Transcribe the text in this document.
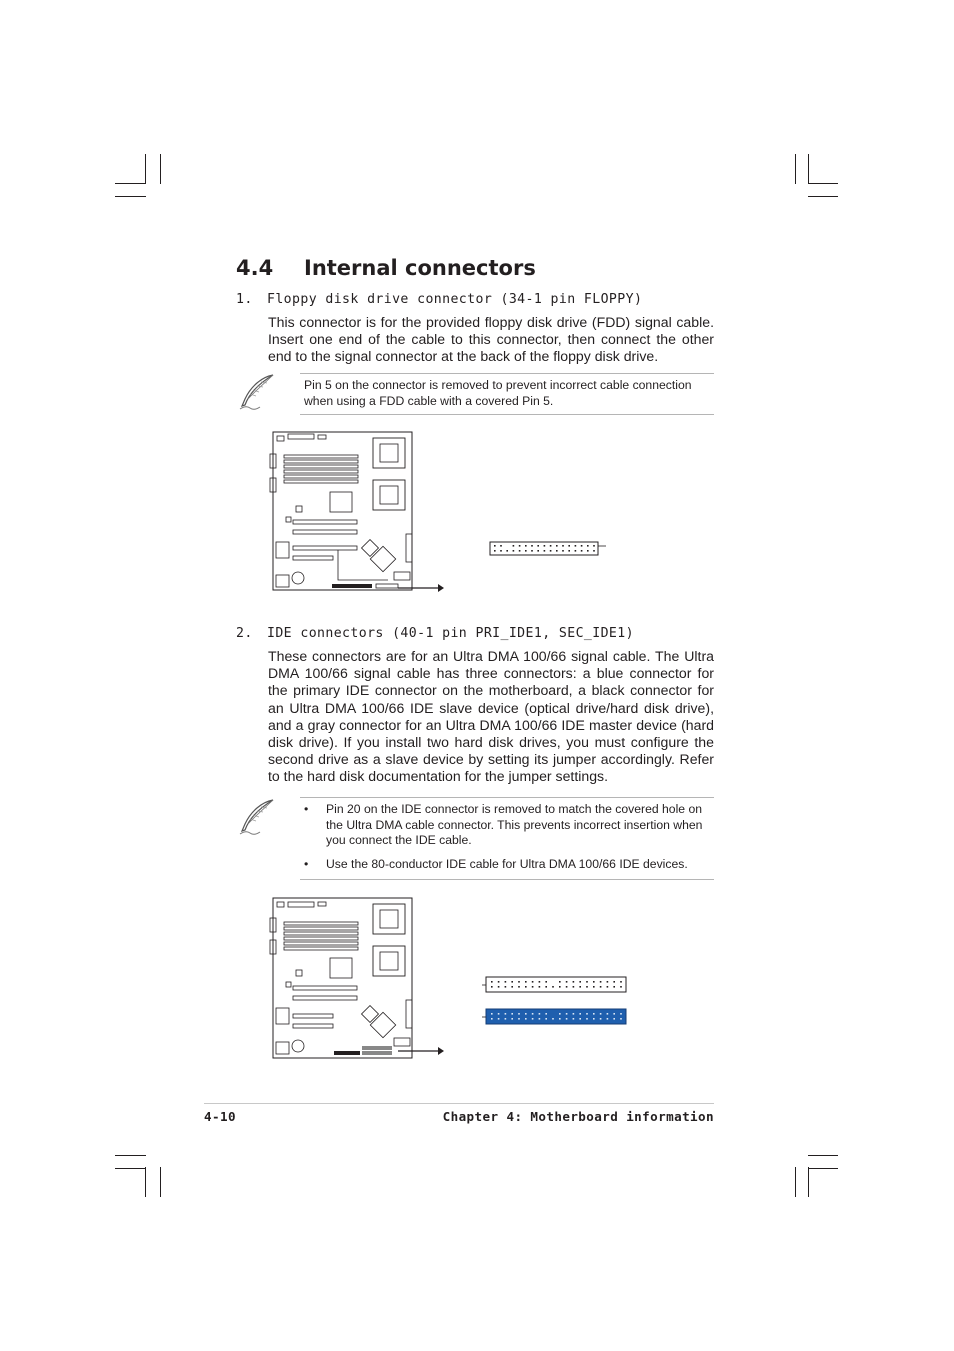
4.4 Internal connectors
1. Floppy disk drive connector (34-1 pin FLOPPY)
This connector is for the provided floppy disk drive (FDD) signal cable. Insert one end of the cable to this connector, then connect the other end to the signal connector at the back of the floppy disk drive.
Pin 5 on the connector is removed to prevent incorrect cable connection when using a FDD cable with a covered Pin 5.
2. IDE connectors (40-1 pin PRI_IDE1, SEC_IDE1)
These connectors are for an Ultra DMA 100/66 signal cable. The Ultra DMA 100/66 signal cable has three connectors: a blue connector for the primary IDE connector on the motherboard, a black connector for an Ultra DMA 100/66 IDE slave device (optical drive/hard disk drive), and a gray connector for an Ultra DMA 100/66 IDE master device (hard disk drive). If you install two hard disk drives, you must configure the second drive as a slave device by setting its jumper accordingly. Refer to the hard disk documentation for the jumper settings.
• Pin 20 on the IDE connector is removed to match the covered hole on the Ultra DMA cable connector. This prevents incorrect insertion when you connect the IDE cable.
• Use the 80-conductor IDE cable for Ultra DMA 100/66 IDE devices.
4-10	Chapter 4: Motherboard information
